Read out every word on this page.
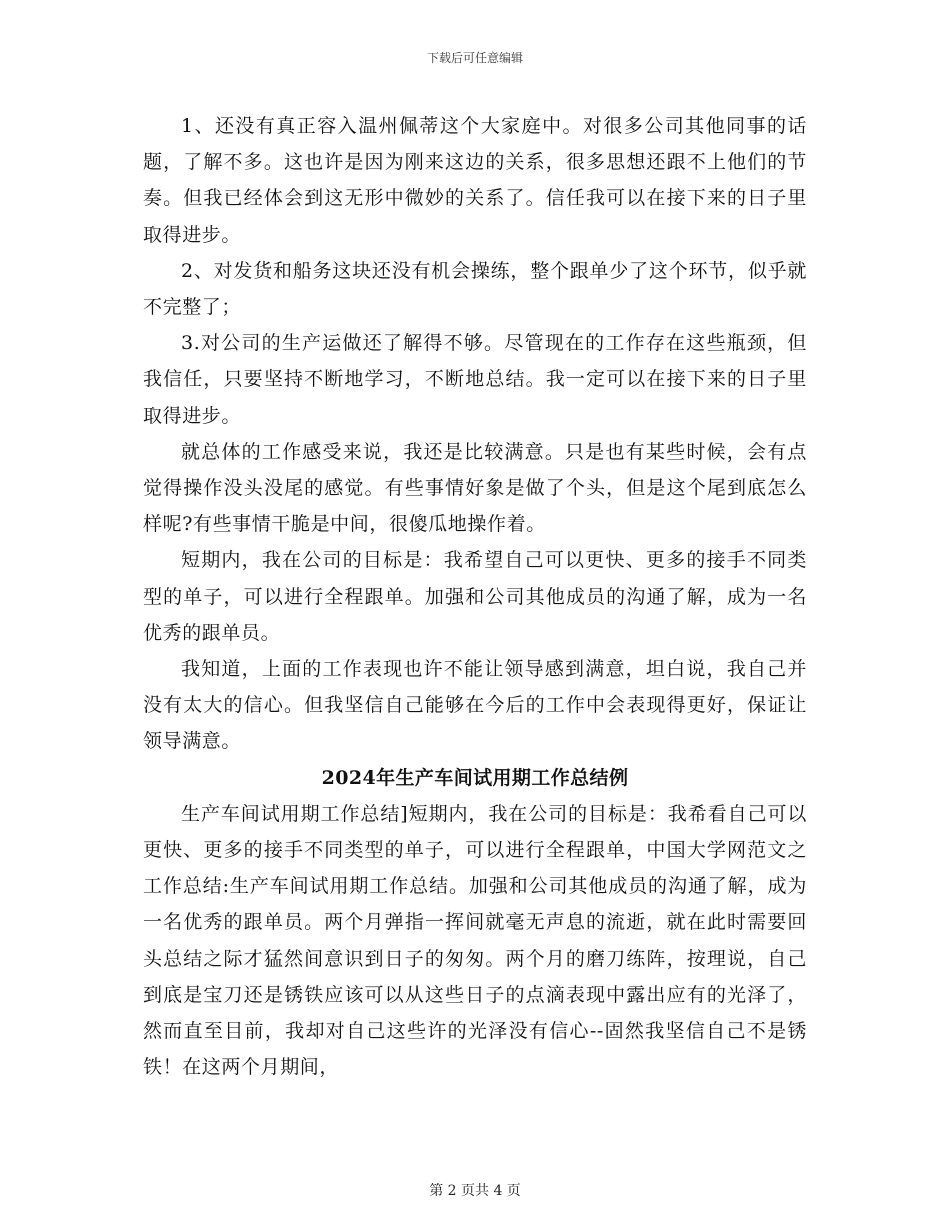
下载后可任意编辑

1、还没有真正容入温州佩蒂这个大家庭中。对很多公司其他同事的话题，了解不多。这也许是因为刚来这边的关系，很多思想还跟不上他们的节奏。但我已经体会到这无形中微妙的关系了。信任我可以在接下来的日子里取得进步。

2、对发货和船务这块还没有机会操练，整个跟单少了这个环节，似乎就不完整了；

3.对公司的生产运做还了解得不够。尽管现在的工作存在这些瓶颈，但我信任，只要坚持不断地学习，不断地总结。我一定可以在接下来的日子里取得进步。

就总体的工作感受来说，我还是比较满意。只是也有某些时候，会有点觉得操作没头没尾的感觉。有些事情好象是做了个头，但是这个尾到底怎么样呢?有些事情干脆是中间，很傻瓜地操作着。

短期内，我在公司的目标是：我希望自己可以更快、更多的接手不同类型的单子，可以进行全程跟单。加强和公司其他成员的沟通了解，成为一名优秀的跟单员。

我知道，上面的工作表现也许不能让领导感到满意，坦白说，我自己并没有太大的信心。但我坚信自己能够在今后的工作中会表现得更好，保证让领导满意。

2024年生产车间试用期工作总结例

生产车间试用期工作总结]短期内，我在公司的目标是：我希看自己可以更快、更多的接手不同类型的单子，可以进行全程跟单，中国大学网范文之工作总结:生产车间试用期工作总结。加强和公司其他成员的沟通了解，成为一名优秀的跟单员。两个月弹指一挥间就毫无声息的流逝，就在此时需要回头总结之际才猛然间意识到日子的匆匆。两个月的磨刀练阵，按理说，自己到底是宝刀还是锈铁应该可以从这些日子的点滴表现中露出应有的光泽了，然而直至目前，我却对自己这些许的光泽没有信心--固然我坚信自己不是锈铁！在这两个月期间，

第 2 页共 4 页
